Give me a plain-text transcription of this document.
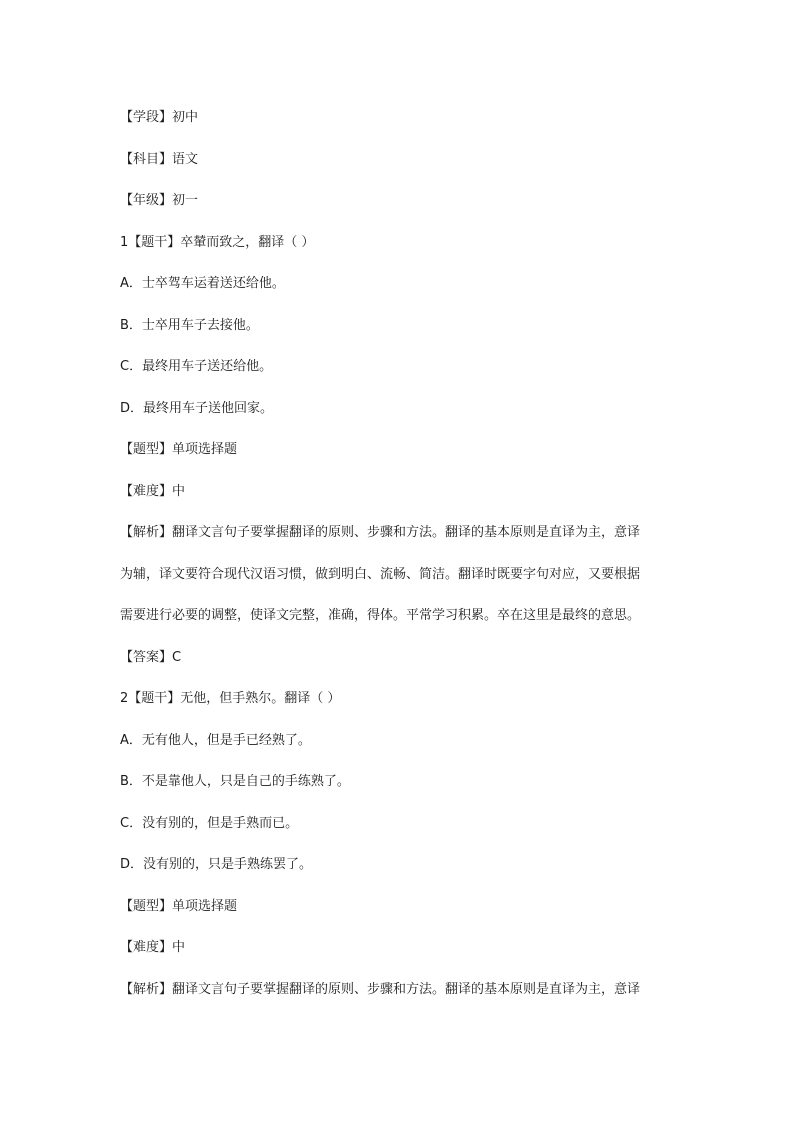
【学段】初中
【科目】语文
【年级】初一
1【题干】卒輦而致之，翻译（ ）
A．士卒驾车运着送还给他。
B．士卒用车子去接他。
C．最终用车子送还给他。
D．最终用车子送他回家。
【题型】单项选择题
【难度】中
【解析】翻译文言句子要掌握翻译的原则、步骤和方法。翻译的基本原则是直译为主，意译
为辅，译文要符合现代汉语习惯，做到明白、流畅、简洁。翻译时既要字句对应，又要根据
需要进行必要的调整，使译文完整，准确，得体。平常学习积累。卒在这里是最终的意思。
【答案】C
2【题干】无他，但手熟尔。翻译（ ）
A．无有他人，但是手已经熟了。
B．不是靠他人，只是自己的手练熟了。
C．没有别的，但是手熟而已。
D．没有别的，只是手熟练罢了。
【题型】单项选择题
【难度】中
【解析】翻译文言句子要掌握翻译的原则、步骤和方法。翻译的基本原则是直译为主，意译
